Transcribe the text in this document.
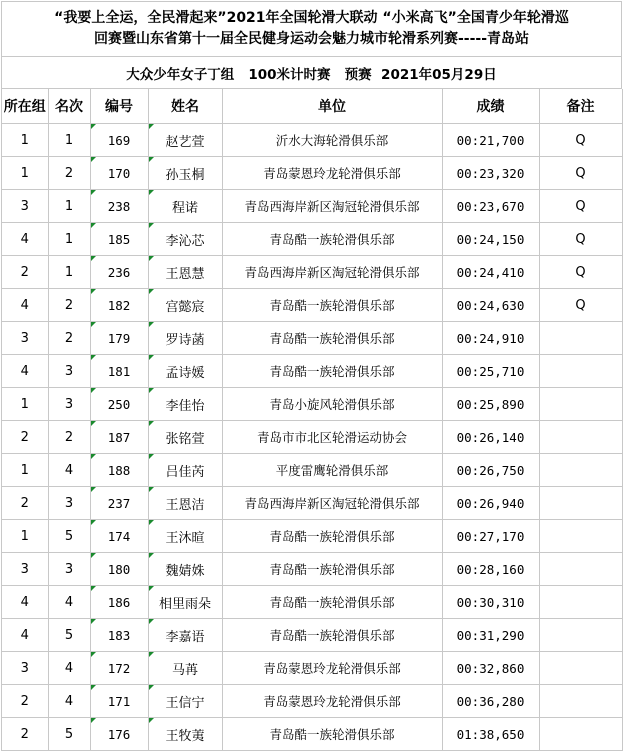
“我要上全运，全民滑起来”2021年全国轮滑大联动 “小米高飞”全国青少年轮滑巡
回赛暨山东省第十一届全民健身运动会魅力城市轮滑系列赛-----青岛站
大众少年女子丁组   100米计时赛   预赛  2021年05月29日
所在组	名次	编号	姓名	单位	成绩	备注
1	1	169	赵艺萱	沂水大海轮滑俱乐部	00:21,700	Q
1	2	170	孙玉桐	青岛蒙恩玲龙轮滑俱乐部	00:23,320	Q
3	1	238	程诺	青岛西海岸新区淘冠轮滑俱乐部	00:23,670	Q
4	1	185	李沁芯	青岛酷一族轮滑俱乐部	00:24,150	Q
2	1	236	王恩慧	青岛西海岸新区淘冠轮滑俱乐部	00:24,410	Q
4	2	182	宫懿宸	青岛酷一族轮滑俱乐部	00:24,630	Q
3	2	179	罗诗菡	青岛酷一族轮滑俱乐部	00:24,910	
4	3	181	孟诗媛	青岛酷一族轮滑俱乐部	00:25,710	
1	3	250	李佳怡	青岛小旋风轮滑俱乐部	00:25,890	
2	2	187	张铭萱	青岛市市北区轮滑运动协会	00:26,140	
1	4	188	吕佳芮	平度雷鹰轮滑俱乐部	00:26,750	
2	3	237	王恩洁	青岛西海岸新区淘冠轮滑俱乐部	00:26,940	
1	5	174	王沐暄	青岛酷一族轮滑俱乐部	00:27,170	
3	3	180	魏婧姝	青岛酷一族轮滑俱乐部	00:28,160	
4	4	186	相里雨朵	青岛酷一族轮滑俱乐部	00:30,310	
4	5	183	李嘉语	青岛酷一族轮滑俱乐部	00:31,290	
3	4	172	马苒	青岛蒙恩玲龙轮滑俱乐部	00:32,860	
2	4	171	王信宁	青岛蒙恩玲龙轮滑俱乐部	00:36,280	
2	5	176	王牧荑	青岛酷一族轮滑俱乐部	01:38,650	
